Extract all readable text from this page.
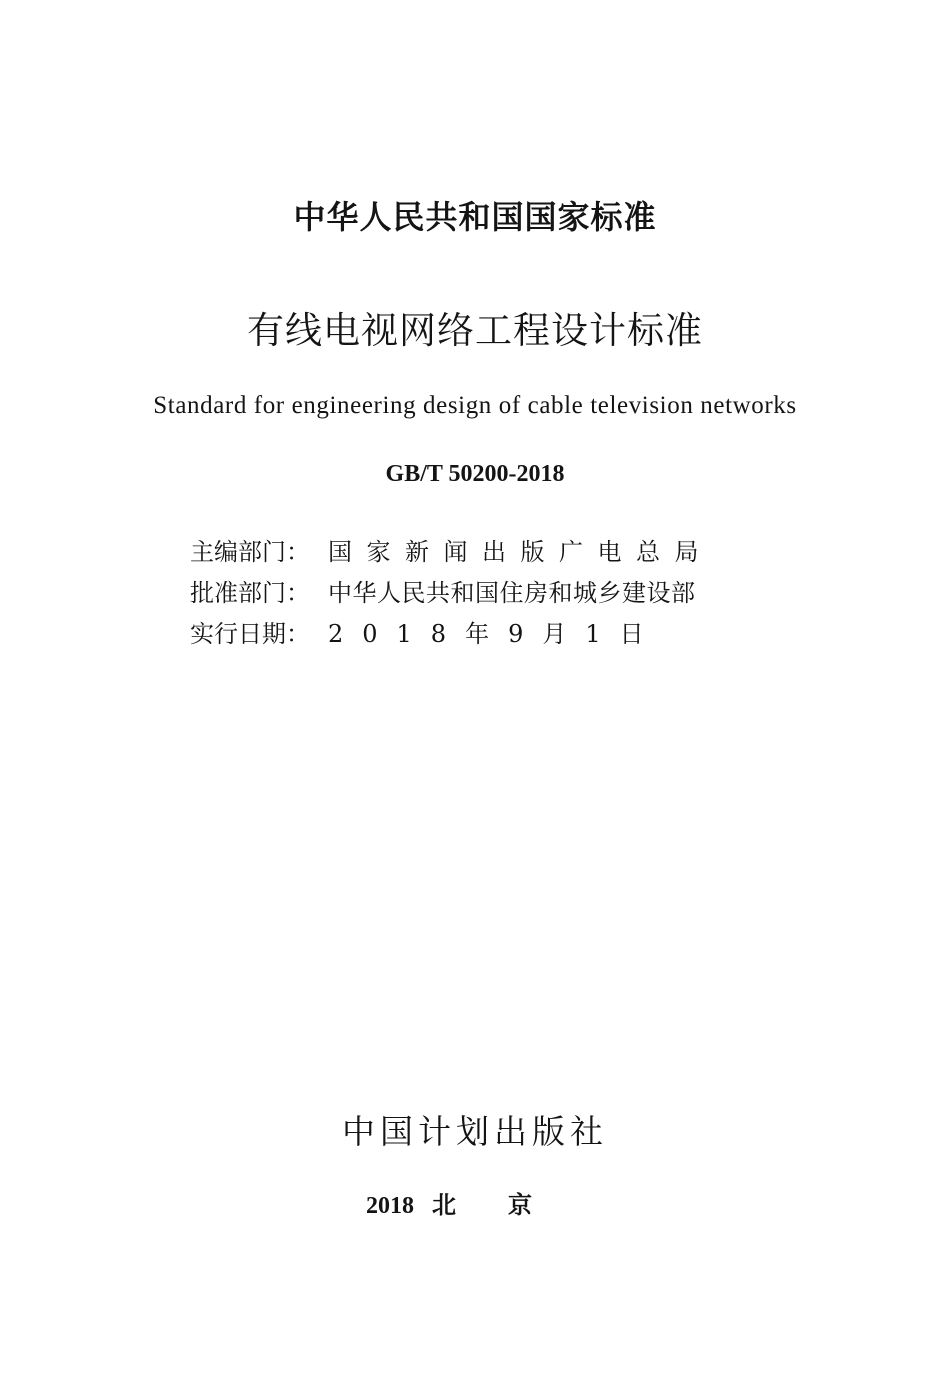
中华人民共和国国家标准
有线电视网络工程设计标准
Standard for engineering design of cable television networks
GB/T 50200-2018
主编部门： 国家新闻出版广电总局
批准部门： 中华人民共和国住房和城乡建设部
实行日期： 2018年9月1日
中国计划出版社
2018 北京
